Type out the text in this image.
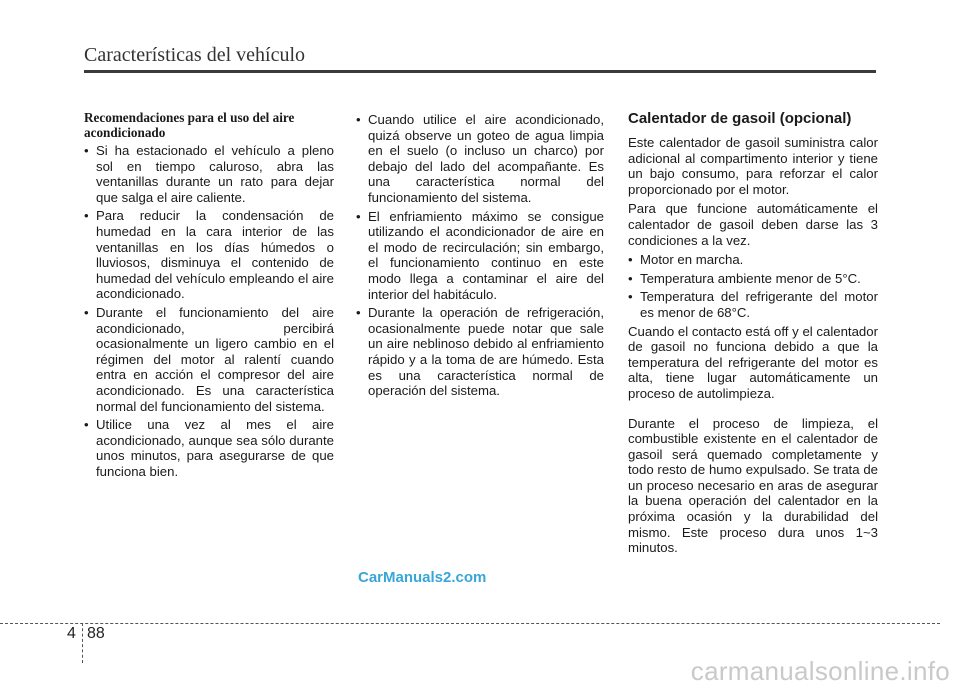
Características del vehículo
Recomendaciones para el uso del aire acondicionado
• Si ha estacionado el vehículo a pleno sol en tiempo caluroso, abra las ventanillas durante un rato para dejar que salga el aire caliente.
• Para reducir la condensación de humedad en la cara interior de las ventanillas en los días húmedos o lluviosos, disminuya el contenido de humedad del vehículo empleando el aire acondicionado.
• Durante el funcionamiento del aire acondicionado, percibirá ocasionalmente un ligero cambio en el régimen del motor al ralentí cuando entra en acción el compresor del aire acondicionado. Es una característica normal del funcionamiento del sistema.
• Utilice una vez al mes el aire acondicionado, aunque sea sólo durante unos minutos, para asegurarse de que funciona bien.
• Cuando utilice el aire acondicionado, quizá observe un goteo de agua limpia en el suelo (o incluso un charco) por debajo del lado del acompañante. Es una característica normal del funcionamiento del sistema.
• El enfriamiento máximo se consigue utilizando el acondicionador de aire en el modo de recirculación; sin embargo, el funcionamiento continuo en este modo llega a contaminar el aire del interior del habitáculo.
• Durante la operación de refrigeración, ocasionalmente puede notar que sale un aire neblinoso debido al enfriamiento rápido y a la toma de are húmedo. Esta es una característica normal de operación del sistema.
Calentador de gasoil (opcional)

Este calentador de gasoil suministra calor adicional al compartimento interior y tiene un bajo consumo, para reforzar el calor proporcionado por el motor.

Para que funcione automáticamente el calentador de gasoil deben darse las 3 condiciones a la vez.

• Motor en marcha.
• Temperatura ambiente menor de 5°C.
• Temperatura del refrigerante del motor es menor de 68°C.

Cuando el contacto está off y el calentador de gasoil no funciona debido a que la temperatura del refrigerante del motor es alta, tiene lugar automáticamente un proceso de autolimpieza.

Durante el proceso de limpieza, el combustible existente en el calentador de gasoil será quemado completamente y todo resto de humo expulsado. Se trata de un proceso necesario en aras de asegurar la buena operación del calentador en la próxima ocasión y la durabilidad del mismo. Este proceso dura unos 1~3 minutos.

CarManuals2.com
4 88
carmanualsonline.info
